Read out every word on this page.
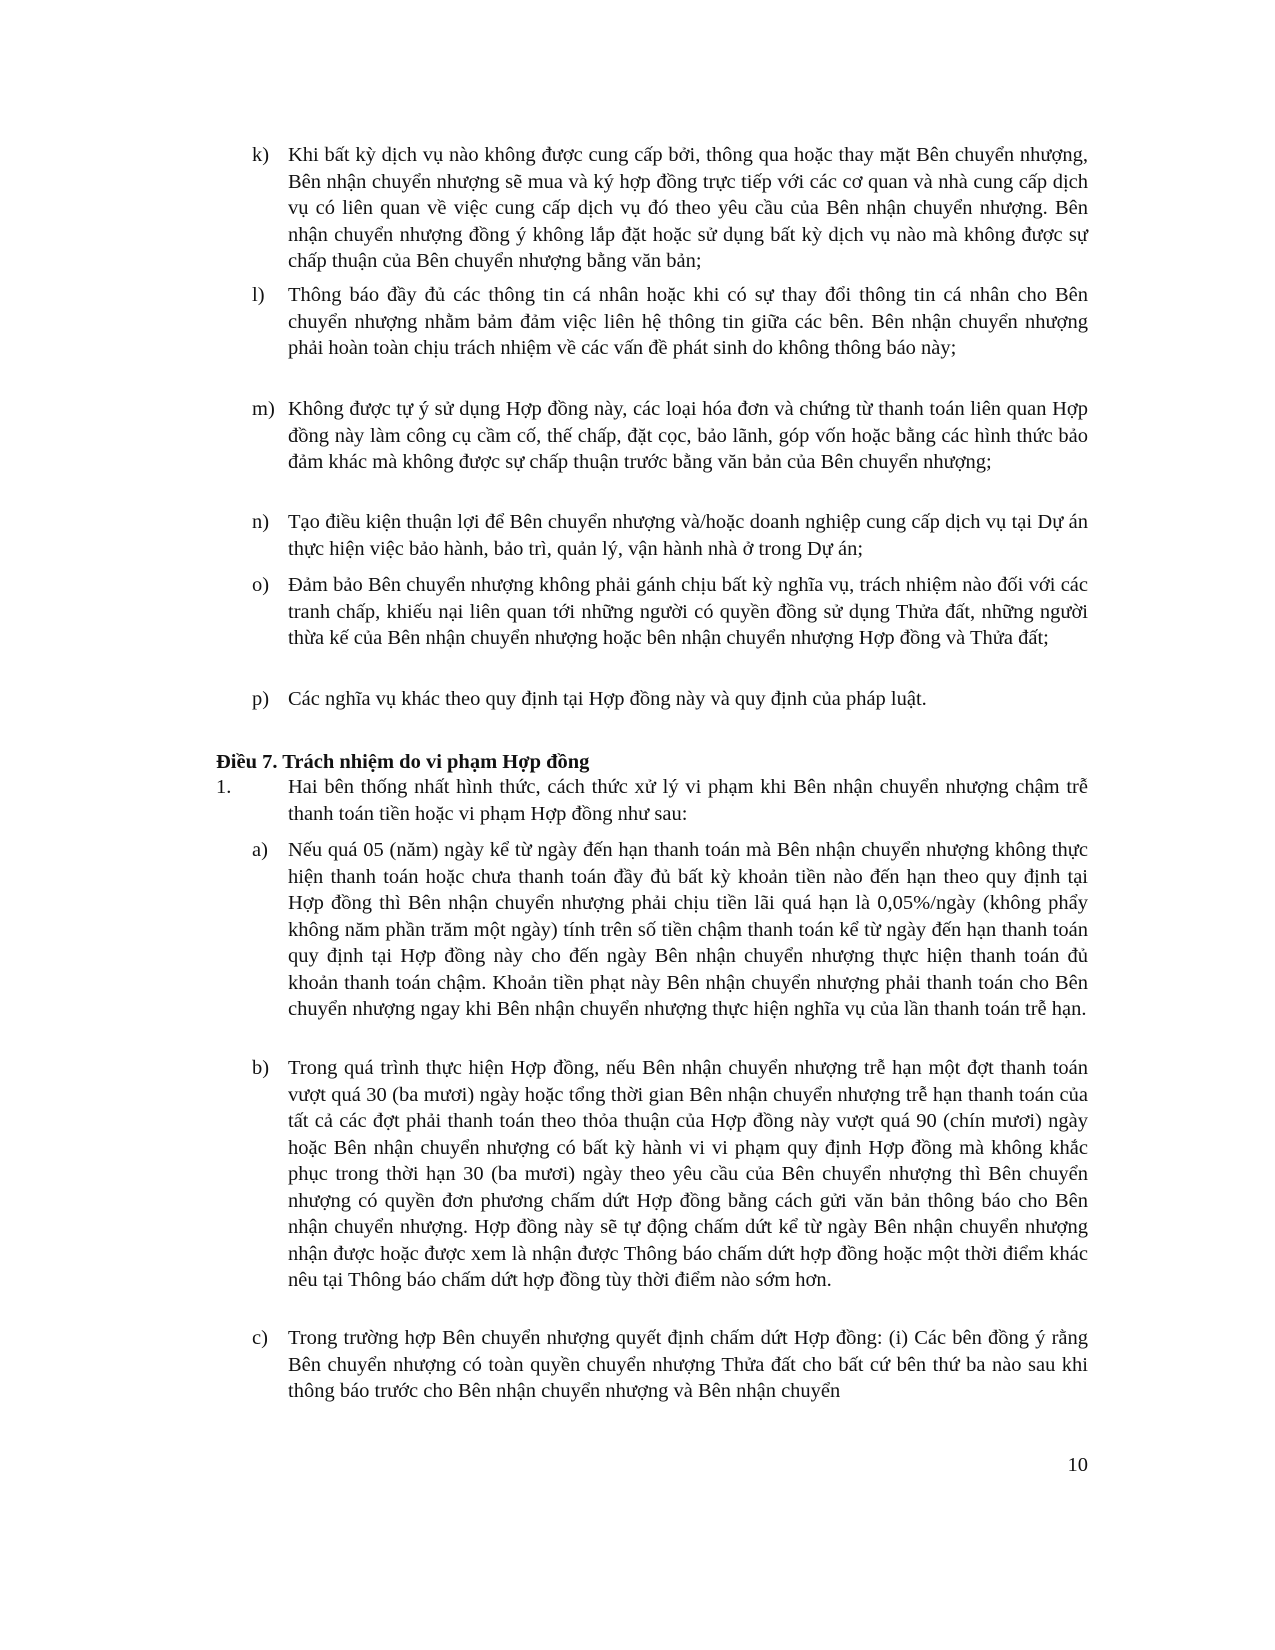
k) Khi bất kỳ dịch vụ nào không được cung cấp bởi, thông qua hoặc thay mặt Bên chuyển nhượng, Bên nhận chuyển nhượng sẽ mua và ký hợp đồng trực tiếp với các cơ quan và nhà cung cấp dịch vụ có liên quan về việc cung cấp dịch vụ đó theo yêu cầu của Bên nhận chuyển nhượng. Bên nhận chuyển nhượng đồng ý không lắp đặt hoặc sử dụng bất kỳ dịch vụ nào mà không được sự chấp thuận của Bên chuyển nhượng bằng văn bản;
l)	Thông báo đầy đủ các thông tin cá nhân hoặc khi có sự thay đổi thông tin cá nhân cho Bên chuyển nhượng nhằm bảm đảm việc liên hệ thông tin giữa các bên. Bên nhận chuyển nhượng phải hoàn toàn chịu trách nhiệm về các vấn đề phát sinh do không thông báo này;
m) Không được tự ý sử dụng Hợp đồng này, các loại hóa đơn và chứng từ thanh toán liên quan Hợp đồng này làm công cụ cầm cố, thế chấp, đặt cọc, bảo lãnh, góp vốn hoặc bằng các hình thức bảo đảm khác mà không được sự chấp thuận trước bằng văn bản của Bên chuyển nhượng;
n) Tạo điều kiện thuận lợi để Bên chuyển nhượng và/hoặc doanh nghiệp cung cấp dịch vụ tại Dự án thực hiện việc bảo hành, bảo trì, quản lý, vận hành nhà ở trong Dự án;
o) Đảm bảo Bên chuyển nhượng không phải gánh chịu bất kỳ nghĩa vụ, trách nhiệm nào đối với các tranh chấp, khiếu nại liên quan tới những người có quyền đồng sử dụng Thửa đất, những người thừa kế của Bên nhận chuyển nhượng hoặc bên nhận chuyển nhượng Hợp đồng và Thửa đất;
p) Các nghĩa vụ khác theo quy định tại Hợp đồng này và quy định của pháp luật.
Điều 7. Trách nhiệm do vi phạm Hợp đồng
1.	Hai bên thống nhất hình thức, cách thức xử lý vi phạm khi Bên nhận chuyển nhượng chậm trễ thanh toán tiền hoặc vi phạm Hợp đồng như sau:
a) Nếu quá 05 (năm) ngày kể từ ngày đến hạn thanh toán mà Bên nhận chuyển nhượng không thực hiện thanh toán hoặc chưa thanh toán đầy đủ bất kỳ khoản tiền nào đến hạn theo quy định tại Hợp đồng thì Bên nhận chuyển nhượng phải chịu tiền lãi quá hạn là 0,05%/ngày (không phẩy không năm phần trăm một ngày) tính trên số tiền chậm thanh toán kể từ ngày đến hạn thanh toán quy định tại Hợp đồng này cho đến ngày Bên nhận chuyển nhượng thực hiện thanh toán đủ khoản thanh toán chậm. Khoản tiền phạt này Bên nhận chuyển nhượng phải thanh toán cho Bên chuyển nhượng ngay khi Bên nhận chuyển nhượng thực hiện nghĩa vụ của lần thanh toán trễ hạn.
b) Trong quá trình thực hiện Hợp đồng, nếu Bên nhận chuyển nhượng trễ hạn một đợt thanh toán vượt quá 30 (ba mươi) ngày hoặc tổng thời gian Bên nhận chuyển nhượng trễ hạn thanh toán của tất cả các đợt phải thanh toán theo thỏa thuận của Hợp đồng này vượt quá 90 (chín mươi) ngày hoặc Bên nhận chuyển nhượng có bất kỳ hành vi vi phạm quy định Hợp đồng mà không khắc phục trong thời hạn 30 (ba mươi) ngày theo yêu cầu của Bên chuyển nhượng thì Bên chuyển nhượng có quyền đơn phương chấm dứt Hợp đồng bằng cách gửi văn bản thông báo cho Bên nhận chuyển nhượng. Hợp đồng này sẽ tự động chấm dứt kể từ ngày Bên nhận chuyển nhượng nhận được hoặc được xem là nhận được Thông báo chấm dứt hợp đồng hoặc một thời điểm khác nêu tại Thông báo chấm dứt hợp đồng tùy thời điểm nào sớm hơn.
c) Trong trường hợp Bên chuyển nhượng quyết định chấm dứt Hợp đồng: (i) Các bên đồng ý rằng Bên chuyển nhượng có toàn quyền chuyển nhượng Thửa đất cho bất cứ bên thứ ba nào sau khi thông báo trước cho Bên nhận chuyển nhượng và Bên nhận chuyển
10
